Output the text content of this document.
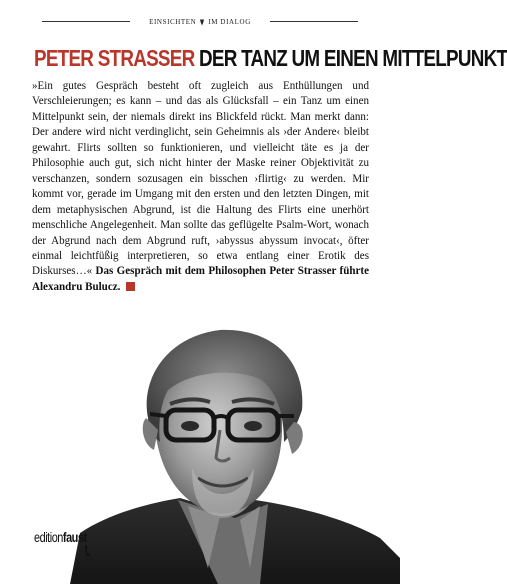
EINSICHTEN IM DIALOG
PETER STRASSER DER TANZ UM EINEN MITTELPUNKT
»Ein gutes Gespräch besteht oft zugleich aus Enthüllungen und Verschleierungen; es kann – und das als Glücksfall – ein Tanz um einen Mittelpunkt sein, der niemals direkt ins Blickfeld rückt. Man merkt dann: Der andere wird nicht verdinglicht, sein Geheimnis als ›der Andere‹ bleibt gewahrt. Flirts sollten so funktionieren, und vielleicht täte es ja der Philosophie auch gut, sich nicht hinter der Maske reiner Objektivität zu verschanzen, sondern sozusagen ein bisschen ›flirtig‹ zu werden. Mir kommt vor, gerade im Umgang mit den ersten und den letzten Dingen, mit dem metaphysischen Abgrund, ist die Haltung des Flirts eine unerhört menschliche Angelegenheit. Man sollte das geflügelte Psalm-Wort, wonach der Abgrund nach dem Abgrund ruft, ›abyssus abyssum invocat‹, öfter einmal leichtfüßig interpretieren, so etwa entlang einer Erotik des Diskurses…« Das Gespräch mit dem Philosophen Peter Strasser führte Alexandru Bulucz.
editionfaust
